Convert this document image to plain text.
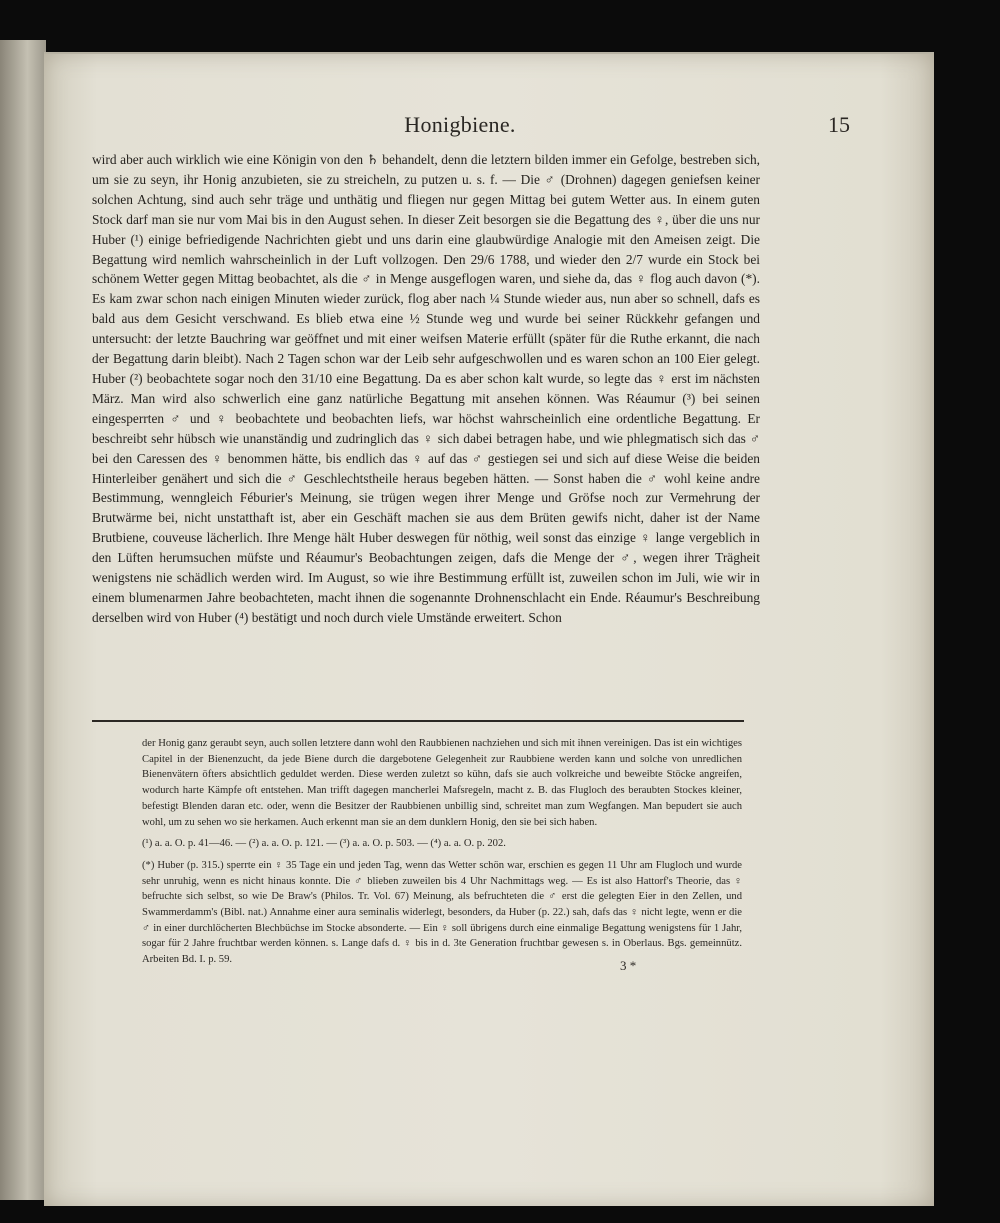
Honigbiene.	15

wird aber auch wirklich wie eine Königin von den ♄ behandelt, denn die letztern bilden immer ein Gefolge, bestreben sich, um sie zu seyn, ihr Honig anzubieten, sie zu streicheln, zu putzen u. s. f. — Die ♂ (Drohnen) dagegen geniefsen keiner solchen Achtung, sind auch sehr träge und unthätig und fliegen nur gegen Mittag bei gutem Wetter aus. In einem guten Stock darf man sie nur vom Mai bis in den August sehen. In dieser Zeit besorgen sie die Begattung des ♀, über die uns nur Huber (¹) einige befriedigende Nachrichten giebt und uns darin eine glaubwürdige Analogie mit den Ameisen zeigt. Die Begattung wird nemlich wahrscheinlich in der Luft vollzogen. Den 29/6 1788, und wieder den 2/7 wurde ein Stock bei schönem Wetter gegen Mittag beobachtet, als die ♂ in Menge ausgeflogen waren, und siehe da, das ♀ flog auch davon (*). Es kam zwar schon nach einigen Minuten wieder zurück, flog aber nach ¼ Stunde wieder aus, nun aber so schnell, dafs es bald aus dem Gesicht verschwand. Es blieb etwa eine ½ Stunde weg und wurde bei seiner Rückkehr gefangen und untersucht: der letzte Bauchring war geöffnet und mit einer weifsen Materie erfüllt (später für die Ruthe erkannt, die nach der Begattung darin bleibt). Nach 2 Tagen schon war der Leib sehr aufgeschwollen und es waren schon an 100 Eier gelegt. Huber (²) beobachtete sogar noch den 31/10 eine Begattung. Da es aber schon kalt wurde, so legte das ♀ erst im nächsten März. Man wird also schwerlich eine ganz natürliche Begattung mit ansehen können. Was Réaumur (³) bei seinen eingesperrten ♂ und ♀ beobachtete und beobachten liefs, war höchst wahrscheinlich eine ordentliche Begattung. Er beschreibt sehr hübsch wie unanständig und zudringlich das ♀ sich dabei betragen habe, und wie phlegmatisch sich das ♂ bei den Caressen des ♀ benommen hätte, bis endlich das ♀ auf das ♂ gestiegen sei und sich auf diese Weise die beiden Hinterleiber genähert und sich die ♂ Geschlechtstheile heraus begeben hätten. — Sonst haben die ♂ wohl keine andre Bestimmung, wenngleich Féburier's Meinung, sie trügen wegen ihrer Menge und Gröfse noch zur Vermehrung der Brutwärme bei, nicht unstatthaft ist, aber ein Geschäft machen sie aus dem Brüten gewifs nicht, daher ist der Name Brutbiene, couveuse lächerlich. Ihre Menge hält Huber deswegen für nöthig, weil sonst das einzige ♀ lange vergeblich in den Lüften herumsuchen müfste und Réaumur's Beobachtungen zeigen, dafs die Menge der ♂, wegen ihrer Trägheit wenigstens nie schädlich werden wird. Im August, so wie ihre Bestimmung erfüllt ist, zuweilen schon im Juli, wie wir in einem blumenarmen Jahre beobachteten, macht ihnen die sogenannte Drohnenschlacht ein Ende. Réaumur's Beschreibung derselben wird von Huber (⁴) bestätigt und noch durch viele Umstände erweitert. Schon

der Honig ganz geraubt seyn, auch sollen letztere dann wohl den Raubbienen nachziehen und sich mit ihnen vereinigen. Das ist ein wichtiges Capitel in der Bienenzucht, da jede Biene durch die dargebotene Gelegenheit zur Raubbiene werden kann und solche von unredlichen Bienenvätern öfters absichtlich geduldet werden. Diese werden zuletzt so kühn, dafs sie auch volkreiche und beweibte Stöcke angreifen, wodurch harte Kämpfe oft entstehen. Man trifft dagegen mancherlei Mafsregeln, macht z. B. das Flugloch des beraubten Stockes kleiner, befestigt Blenden daran etc. oder, wenn die Besitzer der Raubbienen unbillig sind, schreitet man zum Wegfangen. Man bepudert sie auch wohl, um zu sehen wo sie herkamen. Auch erkennt man sie an dem dunklern Honig, den sie bei sich haben.

(¹) a. a. O. p. 41—46. — (²) a. a. O. p. 121. — (³) a. a. O. p. 503. — (⁴) a. a. O. p. 202.

(*) Huber (p. 315.) sperrte ein ♀ 35 Tage ein und jeden Tag, wenn das Wetter schön war, erschien es gegen 11 Uhr am Flugloch und wurde sehr unruhig, wenn es nicht hinaus konnte. Die ♂ blieben zuweilen bis 4 Uhr Nachmittags weg. — Es ist also Hattorf's Theorie, das ♀ befruchte sich selbst, so wie De Braw's (Philos. Tr. Vol. 67) Meinung, als befruchteten die ♂ erst die gelegten Eier in den Zellen, und Swammerdamm's (Bibl. nat.) Annahme einer aura seminalis widerlegt, besonders, da Huber (p. 22.) sah, dafs das ♀ nicht legte, wenn er die ♂ in einer durchlöcherten Blechbüchse im Stocke absonderte. — Ein ♀ soll übrigens durch eine einmalige Begattung wenigstens für 1 Jahr, sogar für 2 Jahre fruchtbar werden können. s. Lange dafs d. ♀ bis in d. 3te Generation fruchtbar gewesen s. in Oberlaus. Bgs. gemeinnütz. Arbeiten Bd. I. p. 59.	3 *
